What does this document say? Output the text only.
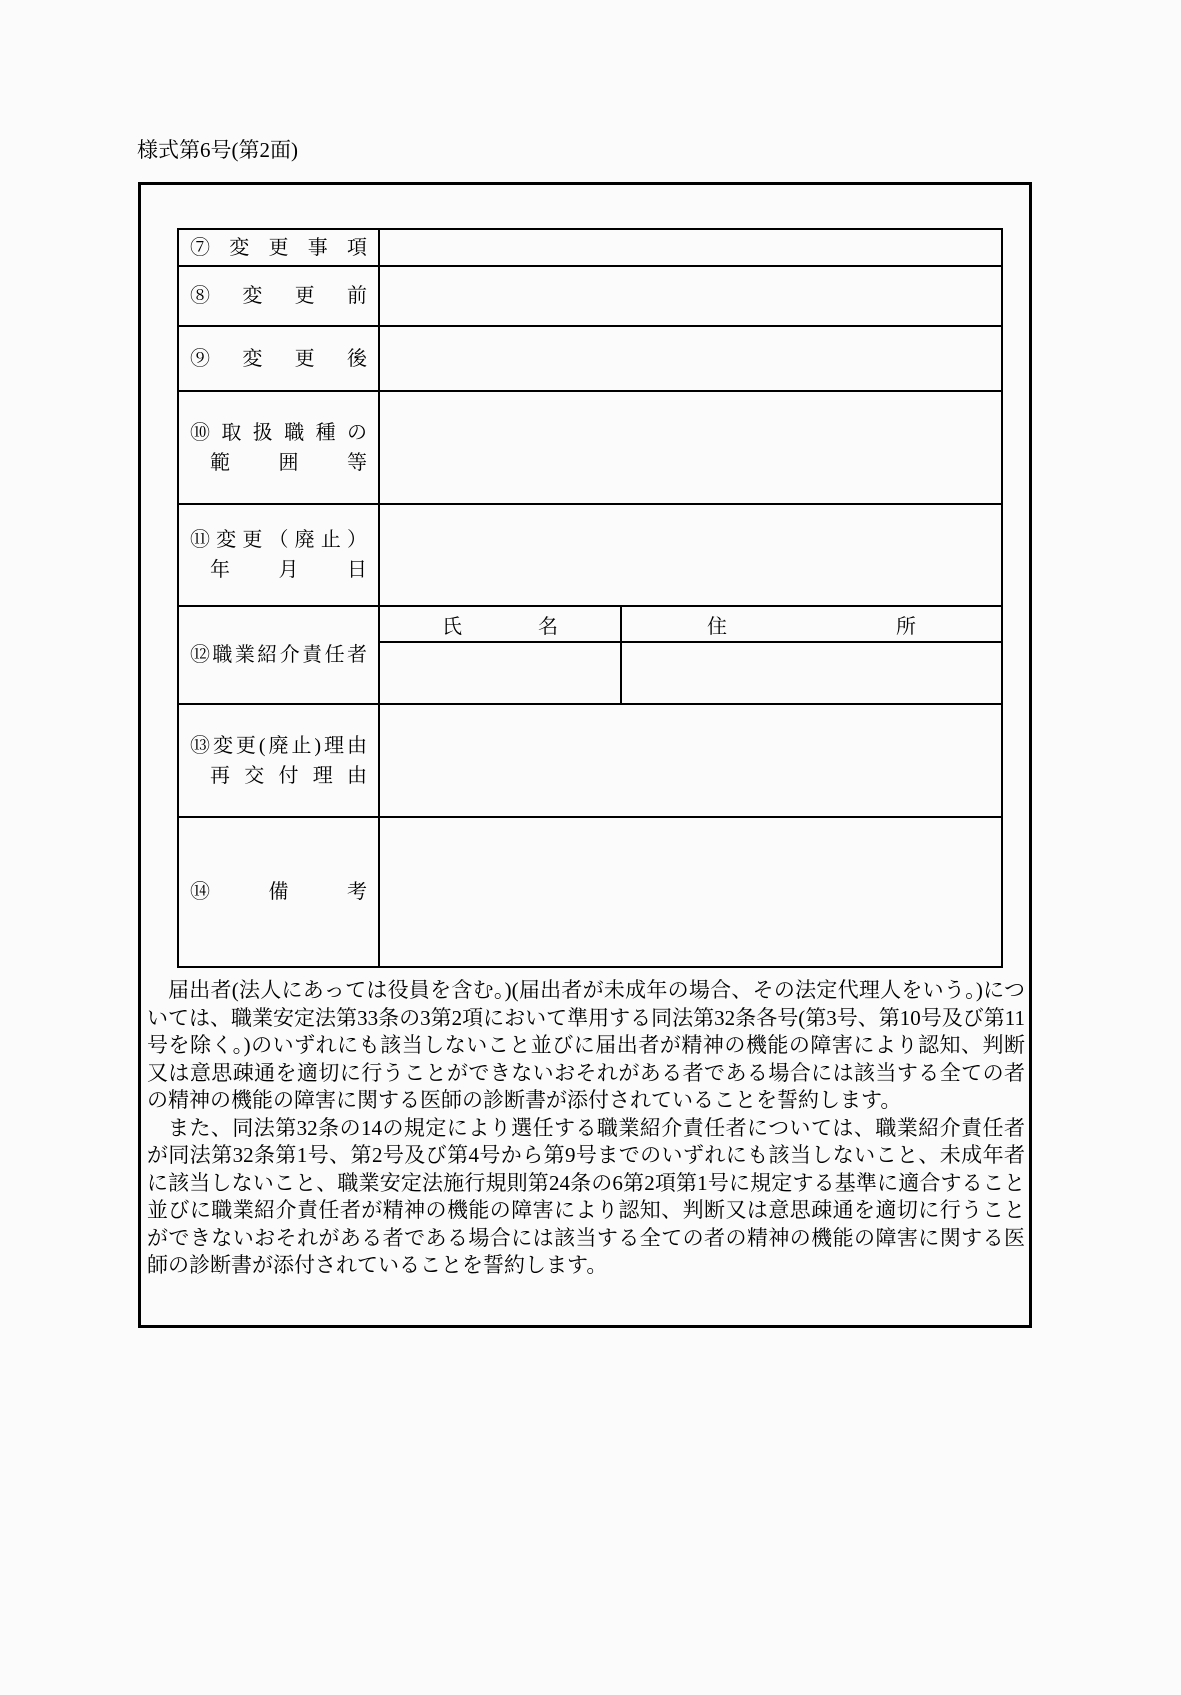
様式第6号(第2面)
⑦変更事項
⑧変更前
⑨変更後
⑩取扱職種の
範囲等
⑪変更（廃止）
年月日
⑫職業紹介責任者
氏名	住所
⑬変更(廃止)理由
再交付理由
⑭備考

届出者(法人にあっては役員を含む。)(届出者が未成年の場合、その法定代理人をいう。)については、職業安定法第33条の3第2項において準用する同法第32条各号(第3号、第10号及び第11号を除く。)のいずれにも該当しないこと並びに届出者が精神の機能の障害により認知、判断又は意思疎通を適切に行うことができないおそれがある者である場合には該当する全ての者の精神の機能の障害に関する医師の診断書が添付されていることを誓約します。

また、同法第32条の14の規定により選任する職業紹介責任者については、職業紹介責任者が同法第32条第1号、第2号及び第4号から第9号までのいずれにも該当しないこと、未成年者に該当しないこと、職業安定法施行規則第24条の6第2項第1号に規定する基準に適合すること並びに職業紹介責任者が精神の機能の障害により認知、判断又は意思疎通を適切に行うことができないおそれがある者である場合には該当する全ての者の精神の機能の障害に関する医師の診断書が添付されていることを誓約します。
